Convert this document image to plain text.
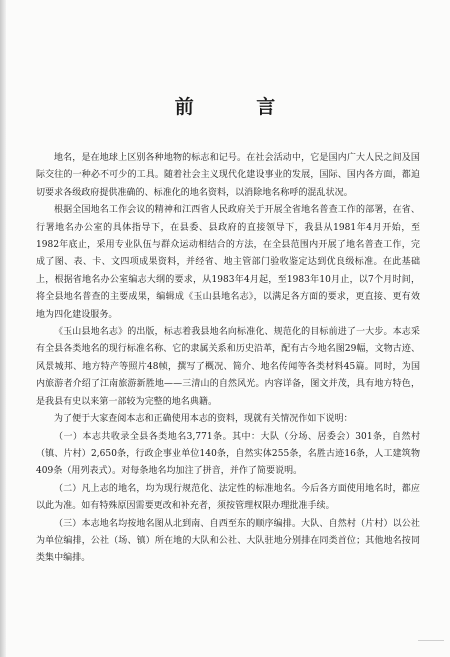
前 言

地名，是在地球上区别各种地物的标志和记号。在社会活动中，它是国内广大人民之间及国际交往的一种必不可少的工具。随着社会主义现代化建设事业的发展，国际、国内各方面，都迫切要求各级政府提供准确的、标准化的地名资料，以消除地名称呼的混乱状况。

根据全国地名工作会议的精神和江西省人民政府关于开展全省地名普查工作的部署，在省、行署地名办公室的具体指导下，在县委、县政府的直接领导下，我县从1981年4月开始，至1982年底止，采用专业队伍与群众运动相结合的方法，在全县范围内开展了地名普查工作，完成了图、表、卡、文四项成果资料，并经省、地主管部门验收鉴定达到优良级标准。在此基础上，根据省地名办公室编志大纲的要求，从1983年4月起，至1983年10月止，以7个月时间，将全县地名普查的主要成果，编辑成《玉山县地名志》，以满足各方面的要求，更直接、更有效地为四化建设服务。

《玉山县地名志》的出版，标志着我县地名向标准化、规范化的目标前进了一大步。本志采有全县各类地名的现行标准名称、它的隶属关系和历史沿革，配有古今地名图29幅，文物古迹、风景城邦、地方特产等照片48帧，撰写了概况、简介、地名传闻等各类材料45篇。同时，为国内旅游者介绍了江南旅游新胜地——三清山的自然风光。内容详备，图文并茂，具有地方特色，是我县有史以来第一部较为完整的地名典籍。

为了便于大家查阅本志和正确使用本志的资料，现就有关情况作如下说明：

（一）本志共收录全县各类地名3,771条。其中：大队（分场、居委会）301条，自然村（镇、片村）2,650条，行政企事业单位140条，自然实体255条，名胜古迹16条，人工建筑物409条（用列表式）。对每条地名均加注了拼音，并作了简要说明。

（二）凡上志的地名，均为现行规范化、法定性的标准地名。今后各方面使用地名时，都应以此为准。如有特殊原因需要更改和补充者，须按管理权限办理批准手续。

（三）本志地名均按地名图从北到南、自西至东的顺序编排。大队、自然村（片村）以公社为单位编排，公社（场、镇）所在地的大队和公社、大队驻地分别排在同类首位；其他地名按同类集中编排。
